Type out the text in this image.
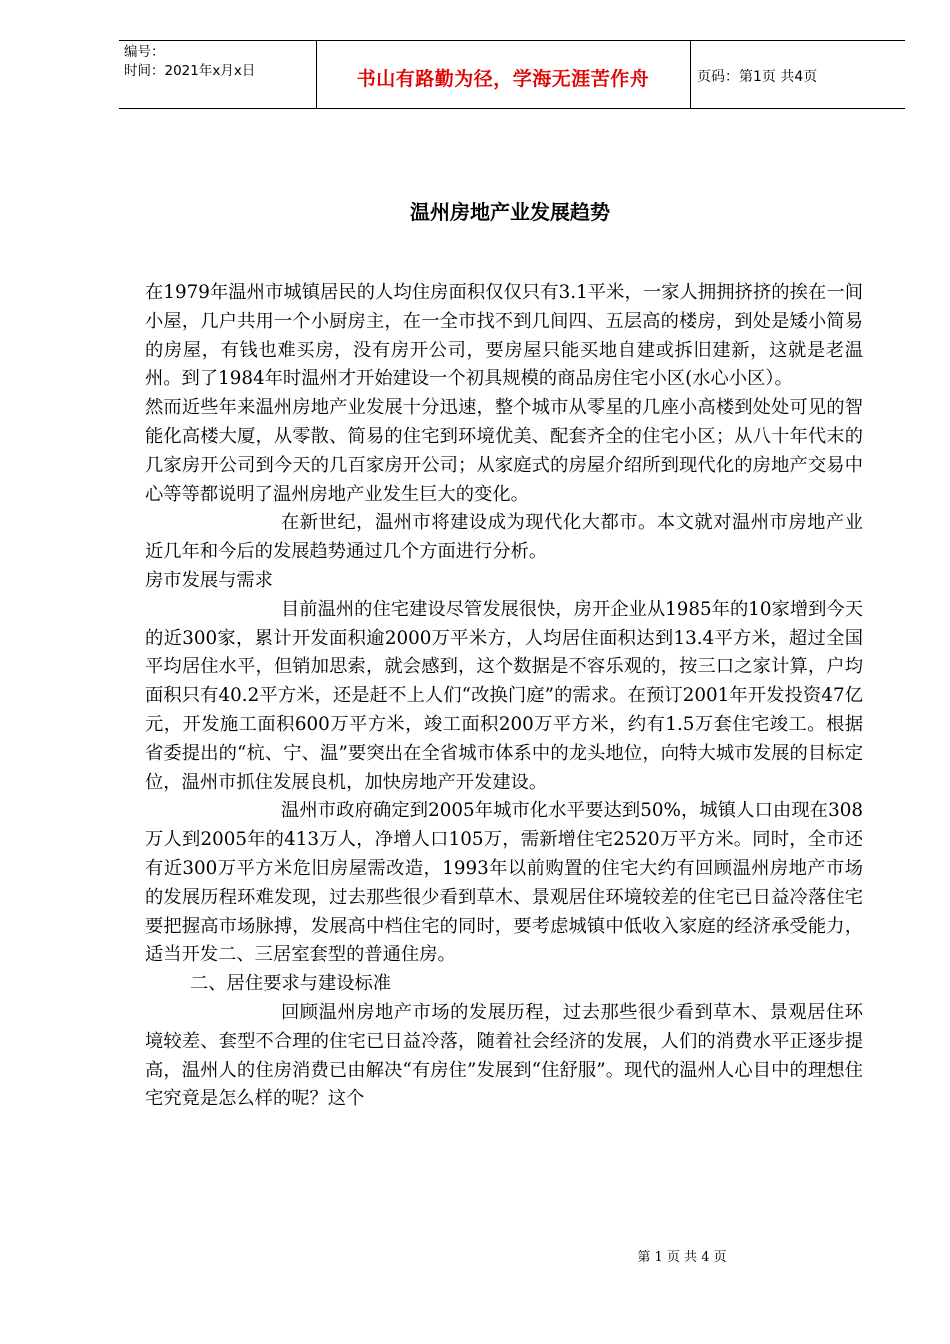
编号：
时间：2021年x月x日	书山有路勤为径，学海无涯苦作舟	页码：第1页 共4页
温州房地产业发展趋势

在1979年温州市城镇居民的人均住房面积仅仅只有3.1平米，一家人拥拥挤挤的挨在一间小屋，几户共用一个小厨房主，在一全市找不到几间四、五层高的楼房，到处是矮小简易的房屋，有钱也难买房，没有房开公司，要房屋只能买地自建或拆旧建新，这就是老温州。到了1984年时温州才开始建设一个初具规模的商品房住宅小区(水心小区）。

然而近些年来温州房地产业发展十分迅速，整个城市从零星的几座小高楼到处处可见的智能化高楼大厦，从零散、简易的住宅到环境优美、配套齐全的住宅小区；从八十年代末的几家房开公司到今天的几百家房开公司；从家庭式的房屋介绍所到现代化的房地产交易中心等等都说明了温州房地产业发生巨大的变化。

在新世纪，温州市将建设成为现代化大都市。本文就对温州市房地产业近几年和今后的发展趋势通过几个方面进行分析。

房市发展与需求

目前温州的住宅建设尽管发展很快，房开企业从1985年的10家增到今天的近300家，累计开发面积逾2000万平米方，人均居住面积达到13.4平方米，超过全国平均居住水平，但销加思索，就会感到，这个数据是不容乐观的，按三口之家计算，户均面积只有40.2平方米，还是赶不上人们“改换门庭”的需求。在预订2001年开发投资47亿元，开发施工面积600万平方米，竣工面积200万平方米，约有1.5万套住宅竣工。根据省委提出的“杭、宁、温”要突出在全省城市体系中的龙头地位，向特大城市发展的目标定位，温州市抓住发展良机，加快房地产开发建设。

温州市政府确定到2005年城市化水平要达到50%，城镇人口由现在308万人到2005年的413万人，净增人口105万，需新增住宅2520万平方米。同时，全市还有近300万平方米危旧房屋需改造，1993年以前购置的住宅大约有回顾温州房地产市场的发展历程环难发现，过去那些很少看到草木、景观居住环境较差的住宅已日益冷落住宅要把握高市场脉搏，发展高中档住宅的同时，要考虑城镇中低收入家庭的经济承受能力，适当开发二、三居室套型的普通住房。

二、居住要求与建设标准

回顾温州房地产市场的发展历程，过去那些很少看到草木、景观居住环境较差、套型不合理的住宅已日益冷落，随着社会经济的发展，人们的消费水平正逐步提高，温州人的住房消费已由解决“有房住”发展到“住舒服”。现代的温州人心目中的理想住宅究竟是怎么样的呢？这个

第 1 页 共 4 页
